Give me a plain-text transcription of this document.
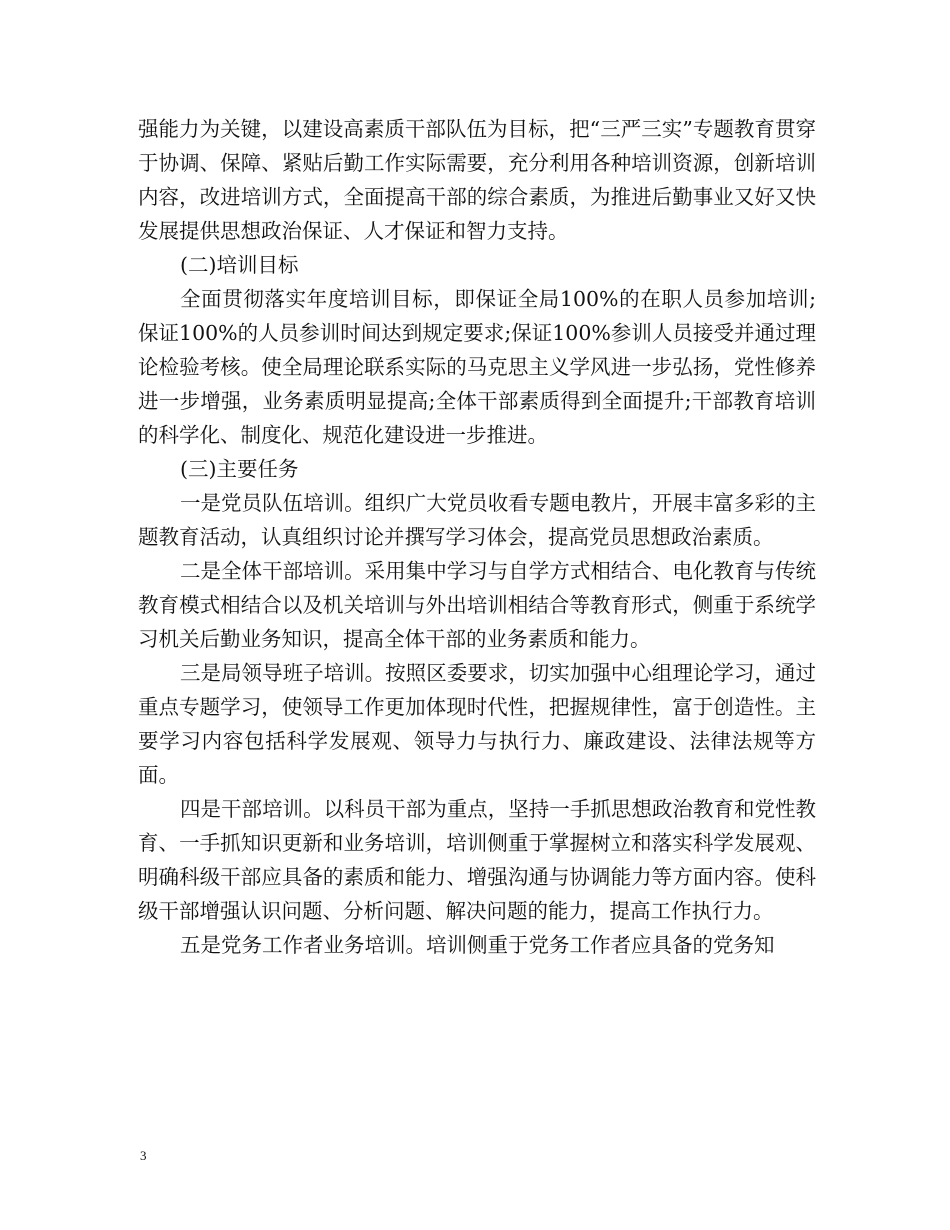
强能力为关键，以建设高素质干部队伍为目标，把“三严三实”专题教育贯穿于协调、保障、紧贴后勤工作实际需要，充分利用各种培训资源，创新培训内容，改进培训方式，全面提高干部的综合素质，为推进后勤事业又好又快发展提供思想政治保证、人才保证和智力支持。

(二)培训目标

全面贯彻落实年度培训目标，即保证全局100%的在职人员参加培训;保证100%的人员参训时间达到规定要求;保证100%参训人员接受并通过理论检验考核。使全局理论联系实际的马克思主义学风进一步弘扬，党性修养进一步增强，业务素质明显提高;全体干部素质得到全面提升;干部教育培训的科学化、制度化、规范化建设进一步推进。

(三)主要任务

一是党员队伍培训。组织广大党员收看专题电教片，开展丰富多彩的主题教育活动，认真组织讨论并撰写学习体会，提高党员思想政治素质。

二是全体干部培训。采用集中学习与自学方式相结合、电化教育与传统教育模式相结合以及机关培训与外出培训相结合等教育形式，侧重于系统学习机关后勤业务知识，提高全体干部的业务素质和能力。

三是局领导班子培训。按照区委要求，切实加强中心组理论学习，通过重点专题学习，使领导工作更加体现时代性，把握规律性，富于创造性。主要学习内容包括科学发展观、领导力与执行力、廉政建设、法律法规等方面。

四是干部培训。以科员干部为重点，坚持一手抓思想政治教育和党性教育、一手抓知识更新和业务培训，培训侧重于掌握树立和落实科学发展观、明确科级干部应具备的素质和能力、增强沟通与协调能力等方面内容。使科级干部增强认识问题、分析问题、解决问题的能力，提高工作执行力。

五是党务工作者业务培训。培训侧重于党务工作者应具备的党务知

3
